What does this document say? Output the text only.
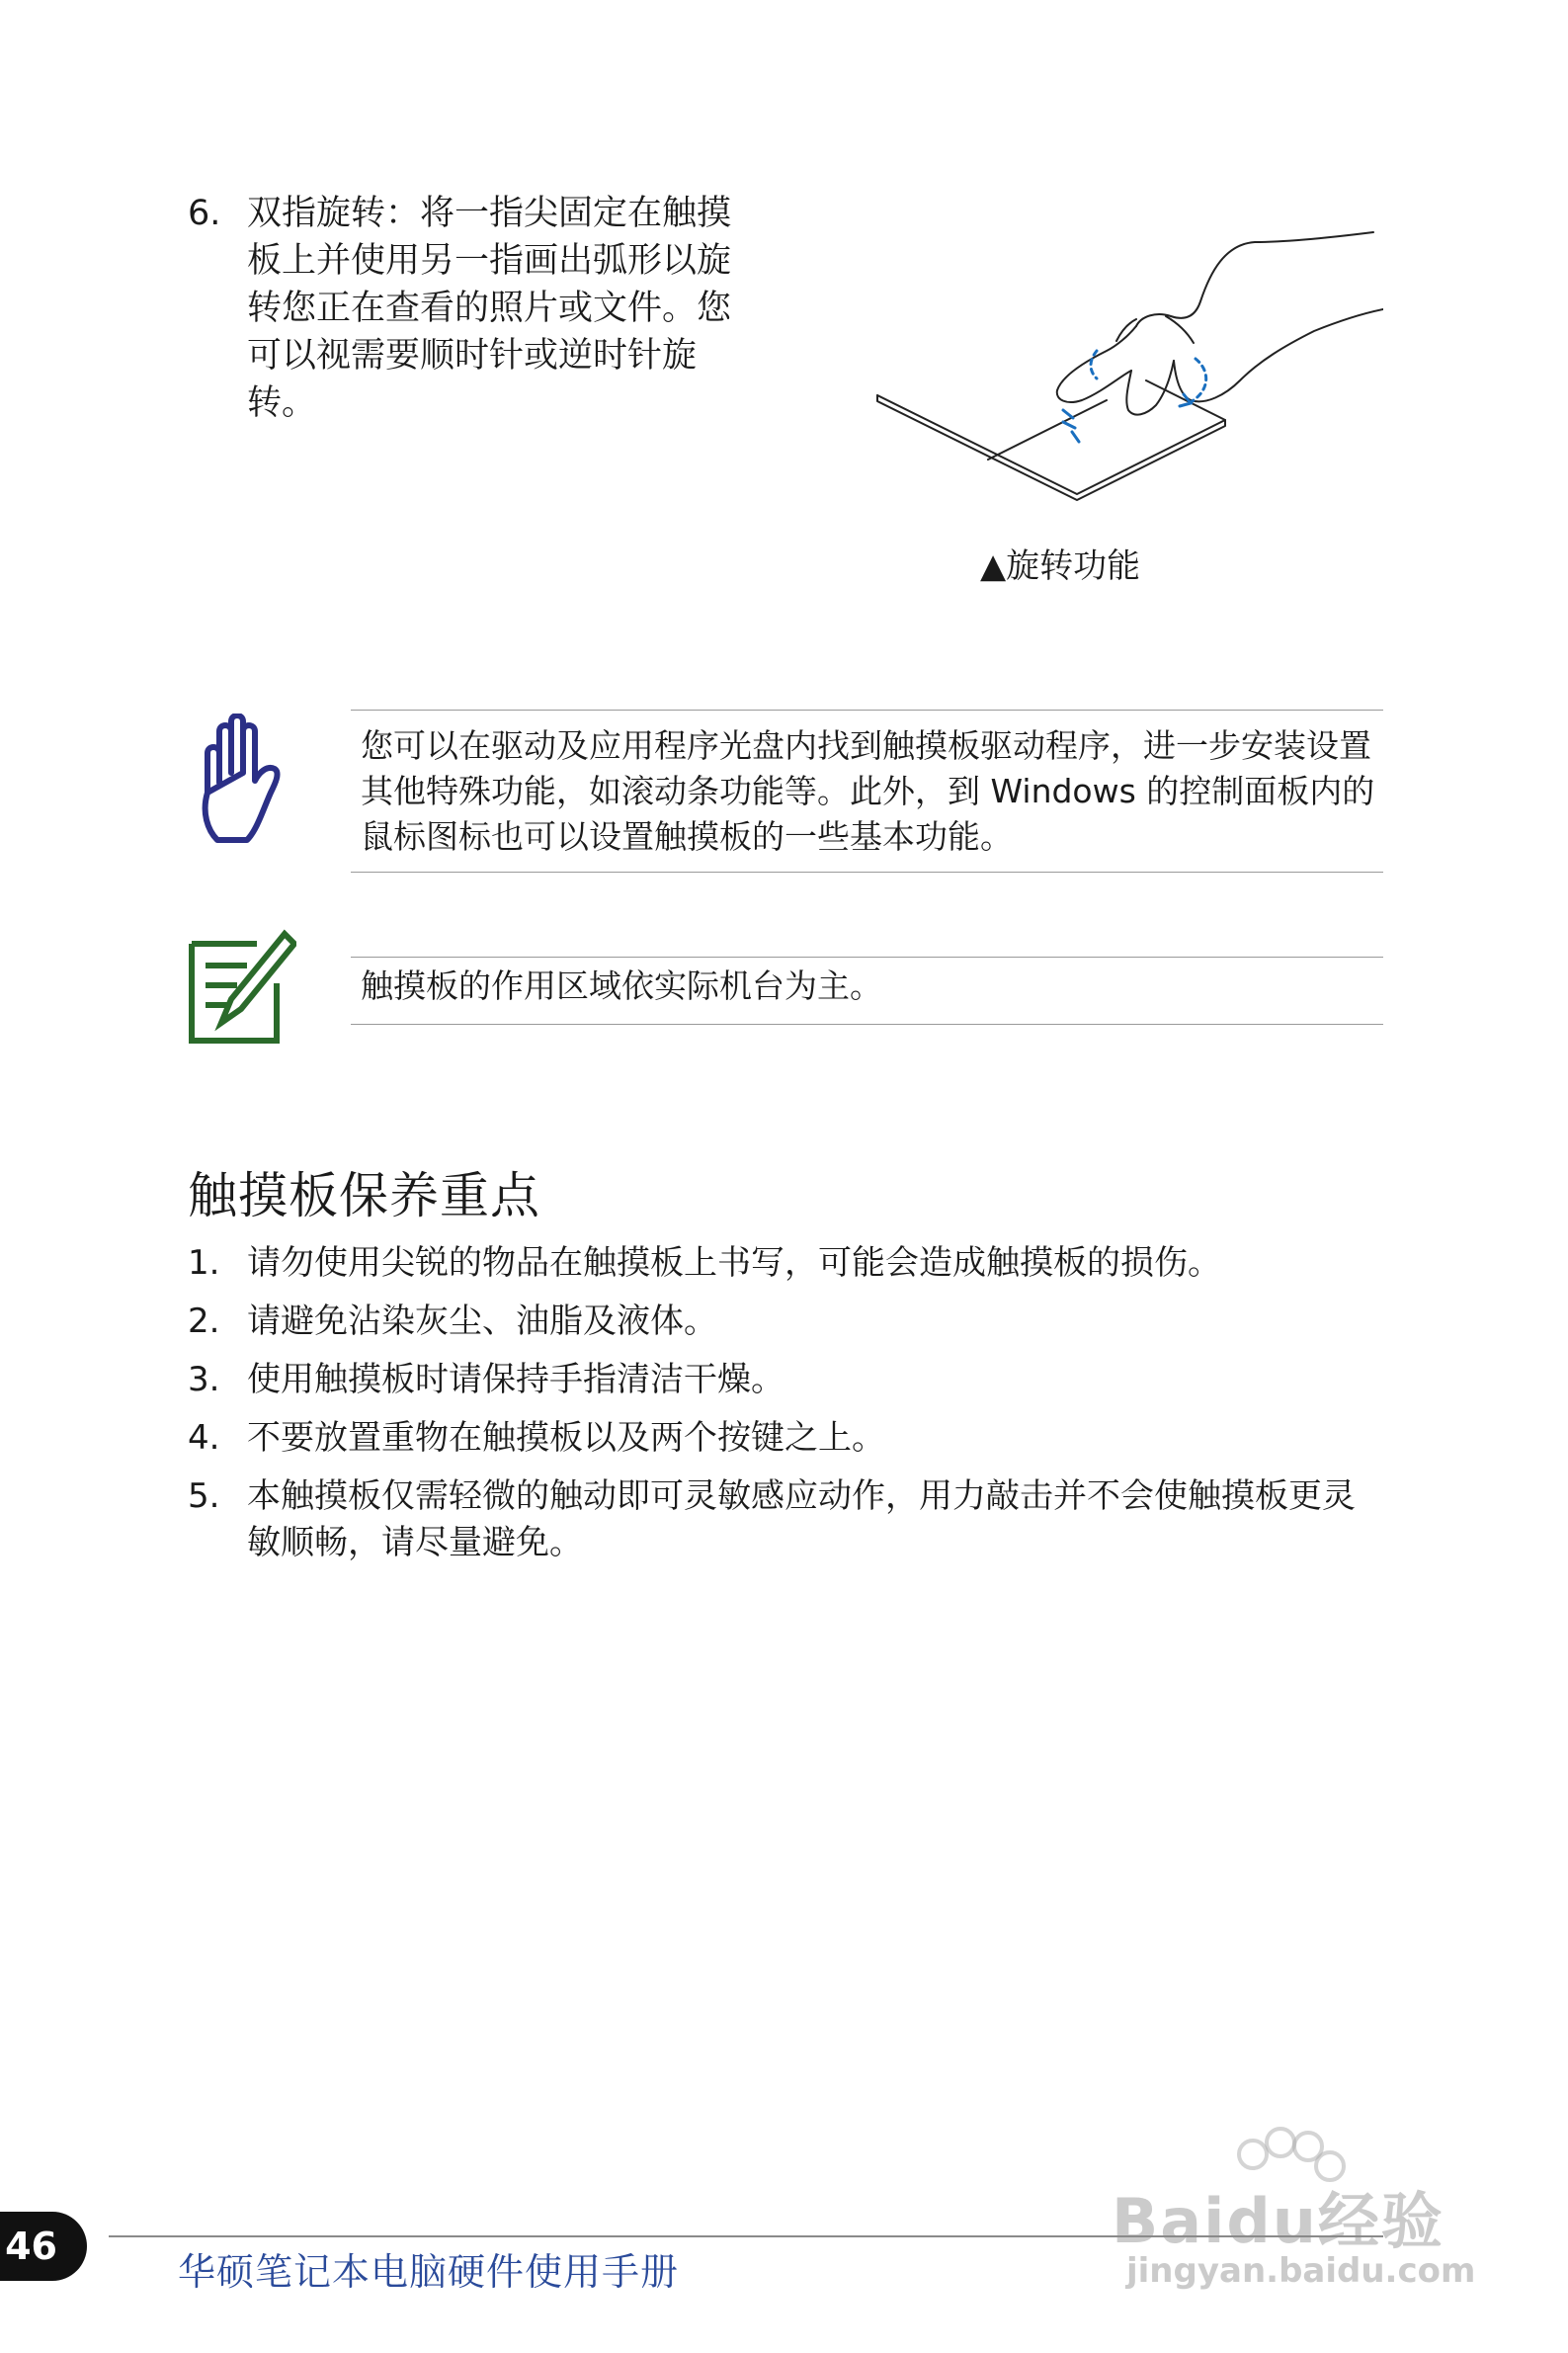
6. 双指旋转：将一指尖固定在触摸板上并使用另一指画出弧形以旋转您正在查看的照片或文件。您可以视需要顺时针或逆时针旋转。
▲旋转功能
您可以在驱动及应用程序光盘内找到触摸板驱动程序，进一步安装设置其他特殊功能，如滚动条功能等。此外，到 Windows 的控制面板内的鼠标图标也可以设置触摸板的一些基本功能。
触摸板的作用区域依实际机台为主。
触摸板保养重点
1. 请勿使用尖锐的物品在触摸板上书写，可能会造成触摸板的损伤。
2. 请避免沾染灰尘、油脂及液体。
3. 使用触摸板时请保持手指清洁干燥。
4. 不要放置重物在触摸板以及两个按键之上。
5. 本触摸板仅需轻微的触动即可灵敏感应动作，用力敲击并不会使触摸板更灵敏顺畅，请尽量避免。
Baidu经验
jingyan.baidu.com
46
华硕笔记本电脑硬件使用手册
